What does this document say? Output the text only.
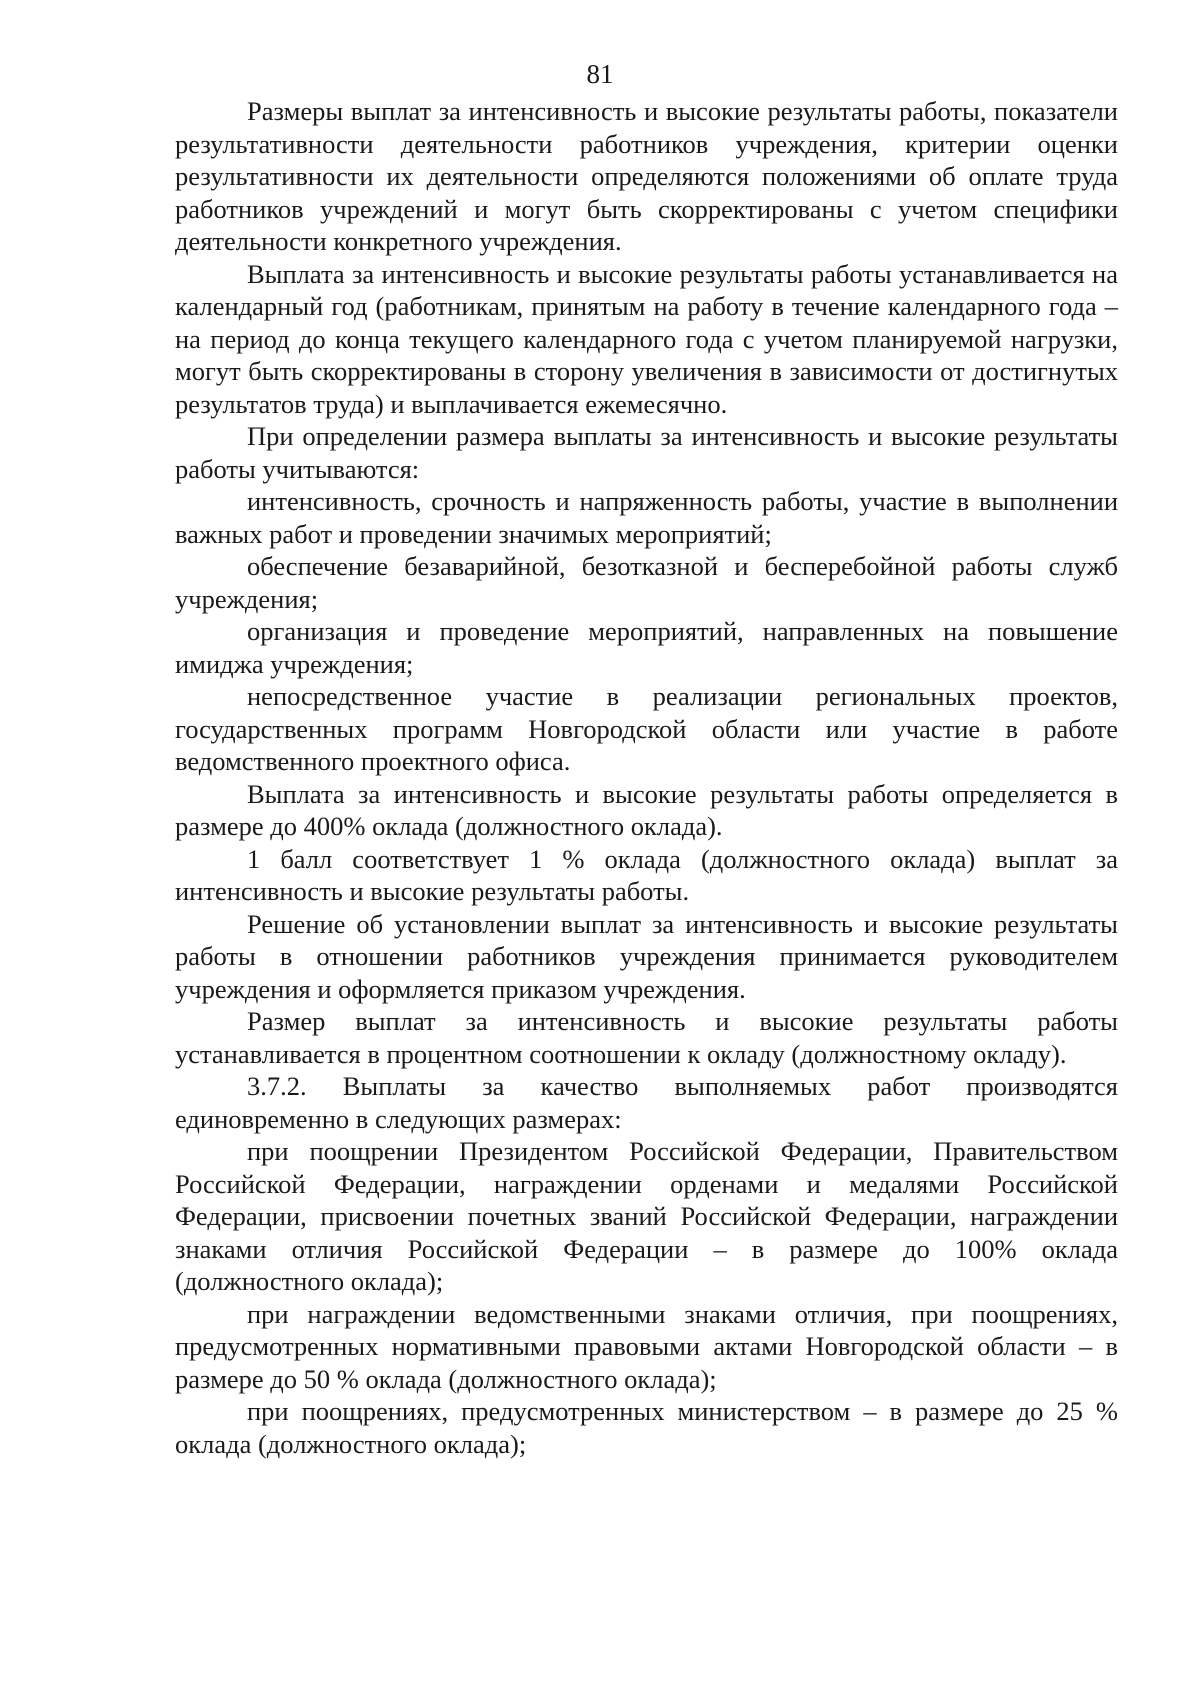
81

Размеры выплат за интенсивность и высокие результаты работы, показатели результативности деятельности работников учреждения, критерии оценки результативности их деятельности определяются положениями об оплате труда работников учреждений и могут быть скорректированы с учетом специфики деятельности конкретного учреждения.

Выплата за интенсивность и высокие результаты работы устанавливается на календарный год (работникам, принятым на работу в течение календарного года – на период до конца текущего календарного года с учетом планируемой нагрузки, могут быть скорректированы в сторону увеличения в зависимости от достигнутых результатов труда) и выплачивается ежемесячно.

При определении размера выплаты за интенсивность и высокие результаты работы учитываются:

интенсивность, срочность и напряженность работы, участие в выполнении важных работ и проведении значимых мероприятий;

обеспечение безаварийной, безотказной и бесперебойной работы служб учреждения;

организация и проведение мероприятий, направленных на повышение имиджа учреждения;

непосредственное участие в реализации региональных проектов, государственных программ Новгородской области или участие в работе ведомственного проектного офиса.

Выплата за интенсивность и высокие результаты работы определяется в размере до 400% оклада (должностного оклада).

1 балл соответствует 1 % оклада (должностного оклада) выплат за интенсивность и высокие результаты работы.

Решение об установлении выплат за интенсивность и высокие результаты работы в отношении работников учреждения принимается руководителем учреждения и оформляется приказом учреждения.

Размер выплат за интенсивность и высокие результаты работы устанавливается в процентном соотношении к окладу (должностному окладу).

3.7.2. Выплаты за качество выполняемых работ производятся единовременно в следующих размерах:

при поощрении Президентом Российской Федерации, Правительством Российской Федерации, награждении орденами и медалями Российской Федерации, присвоении почетных званий Российской Федерации, награждении знаками отличия Российской Федерации – в размере до 100% оклада (должностного оклада);

при награждении ведомственными знаками отличия, при поощрениях, предусмотренных нормативными правовыми актами Новгородской области – в размере до 50 % оклада (должностного оклада);

при поощрениях, предусмотренных министерством – в размере до 25 % оклада (должностного оклада);
